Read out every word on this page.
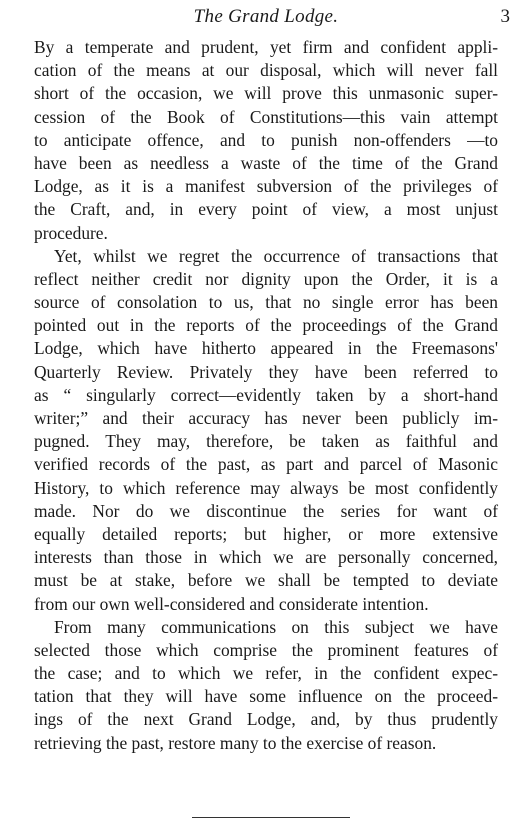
The Grand Lodge.	3
By a temperate and prudent, yet firm and confident appli-
cation of the means at our disposal, which will never fall
short of the occasion, we will prove this unmasonic super-
cession of the Book of Constitutions—this vain attempt
to anticipate offence, and to punish non-offenders —to
have been as needless a waste of the time of the Grand
Lodge, as it is a manifest subversion of the privileges of
the Craft, and, in every point of view, a most unjust
procedure.
Yet, whilst we regret the occurrence of transactions that
reflect neither credit nor dignity upon the Order, it is a
source of consolation to us, that no single error has been
pointed out in the reports of the proceedings of the Grand
Lodge, which have hitherto appeared in the Freemasons'
Quarterly Review. Privately they have been referred to
as “ singularly correct—evidently taken by a short-hand
writer;” and their accuracy has never been publicly im-
pugned. They may, therefore, be taken as faithful and
verified records of the past, as part and parcel of Masonic
History, to which reference may always be most confidently
made. Nor do we discontinue the series for want of
equally detailed reports; but higher, or more extensive
interests than those in which we are personally concerned,
must be at stake, before we shall be tempted to deviate
from our own well-considered and considerate intention.
From many communications on this subject we have
selected those which comprise the prominent features of
the case; and to which we refer, in the confident expec-
tation that they will have some influence on the proceed-
ings of the next Grand Lodge, and, by thus prudently
retrieving the past, restore many to the exercise of reason.
